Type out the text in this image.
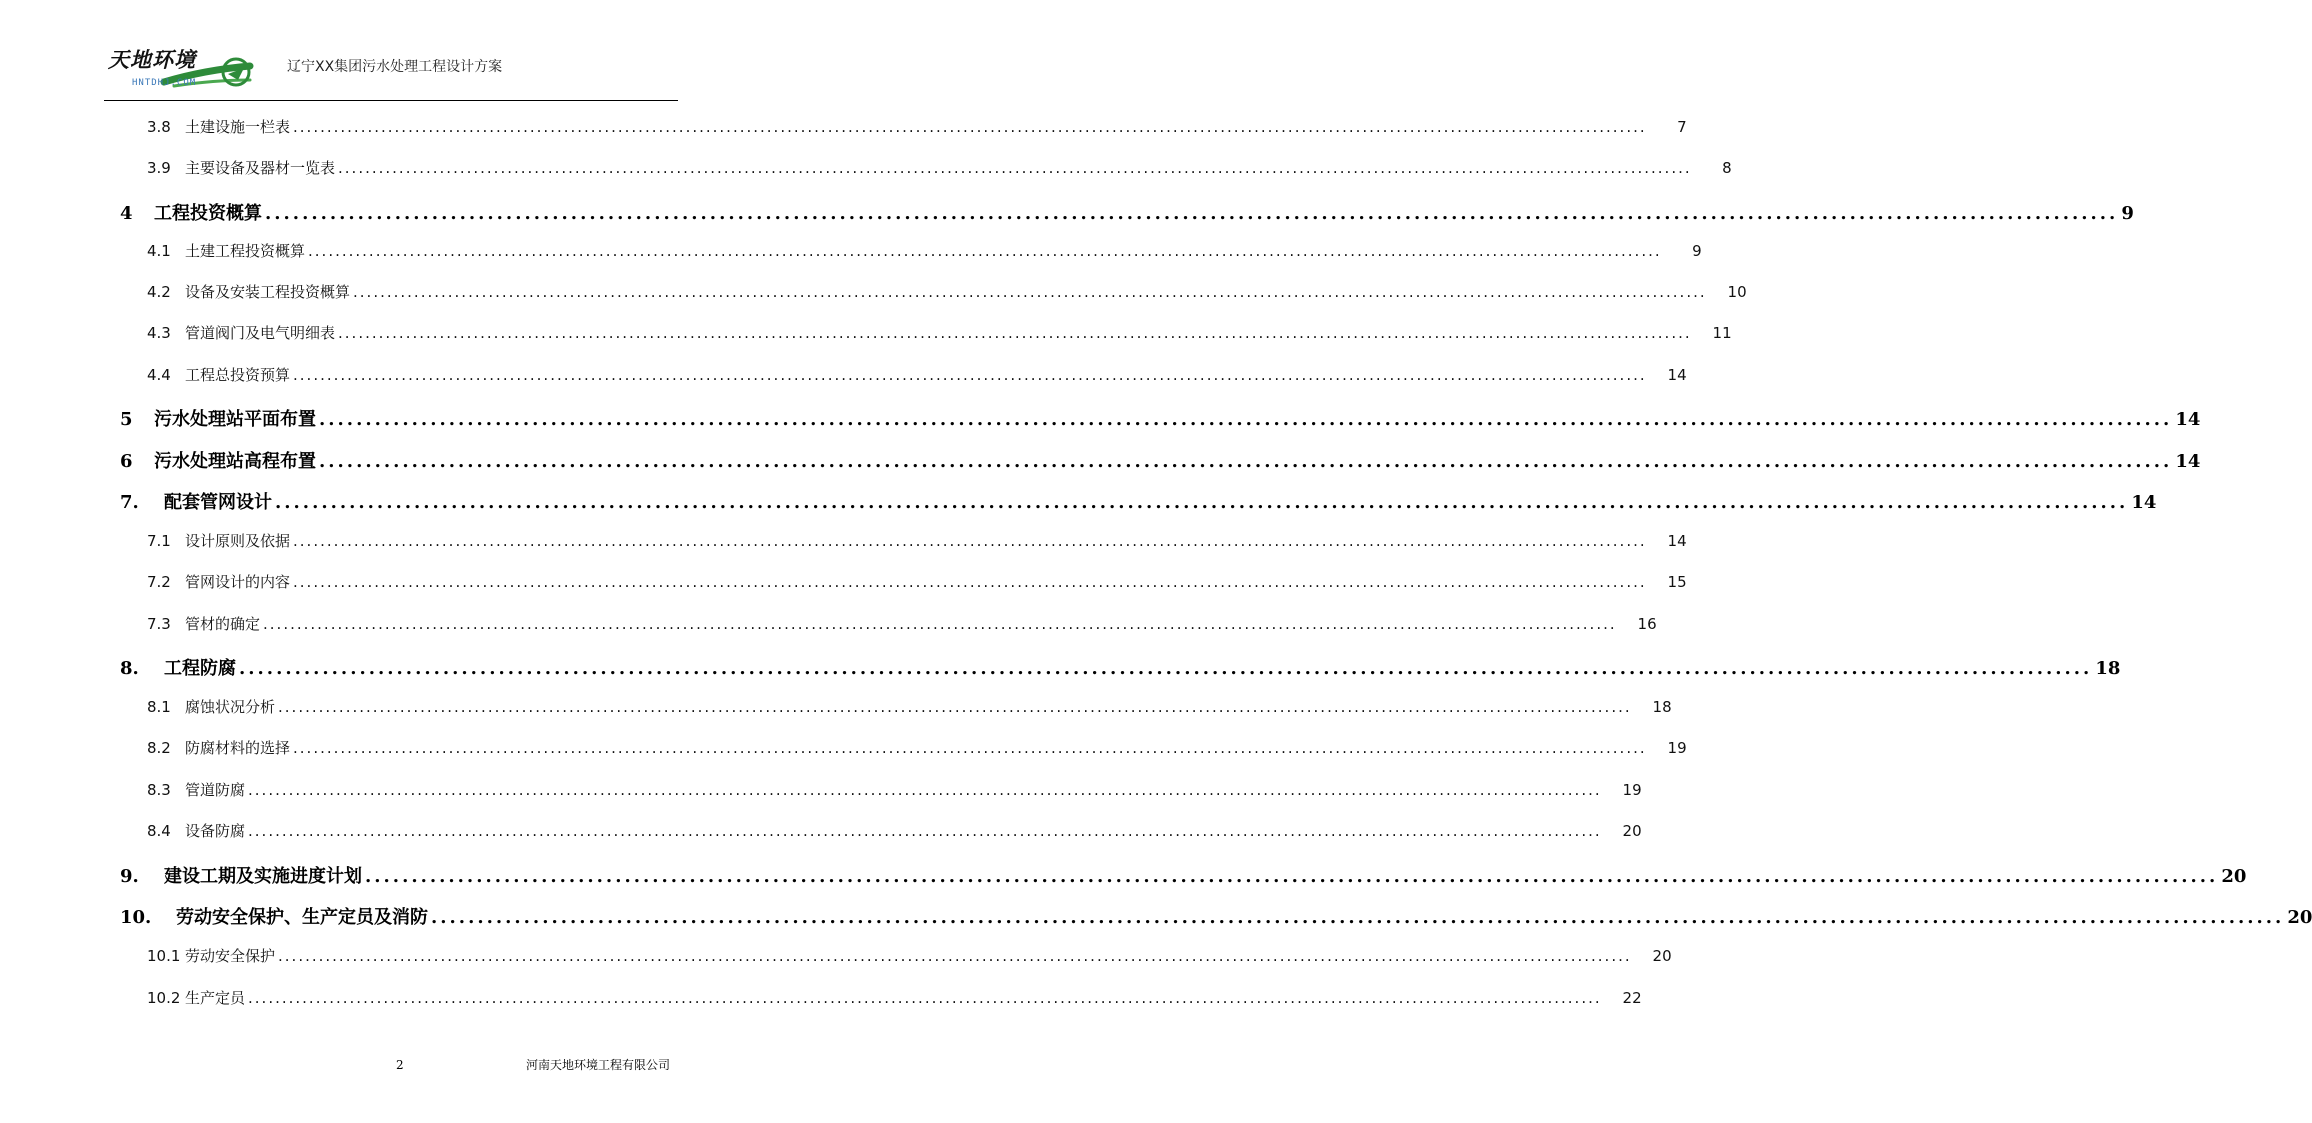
天地环境
HNTDHJ.COM
辽宁XX集团污水处理工程设计方案
3.8 土建设施一栏表 ........................................................................................................................................................................................................	7
3.9 主要设备及器材一览表 ........................................................................................................................................................................................................	8
4	工程投资概算 ........................................................................................................................................................................................................ 9
4.1 土建工程投资概算 ........................................................................................................................................................................................................	9
4.2 设备及安装工程投资概算 ........................................................................................................................................................................................................ 10
4.3 管道阀门及电气明细表 ........................................................................................................................................................................................................ 11
4.4 工程总投资预算 ........................................................................................................................................................................................................ 14
5	污水处理站平面布置 ........................................................................................................................................................................................................ 14
6	污水处理站高程布置 ........................................................................................................................................................................................................ 14
7.	配套管网设计 ........................................................................................................................................................................................................ 14
7.1 设计原则及依据 ........................................................................................................................................................................................................ 14
7.2 管网设计的内容 ........................................................................................................................................................................................................ 15
7.3 管材的确定 ........................................................................................................................................................................................................ 16
8.	工程防腐 ........................................................................................................................................................................................................ 18
8.1 腐蚀状况分析 ........................................................................................................................................................................................................ 18
8.2 防腐材料的选择 ........................................................................................................................................................................................................ 19
8.3 管道防腐 ........................................................................................................................................................................................................ 19
8.4 设备防腐 ........................................................................................................................................................................................................ 20
9.	建设工期及实施进度计划 ........................................................................................................................................................................................................ 20
10.	劳动安全保护、生产定员及消防 ........................................................................................................................................................................................................ 20
10.1 劳动安全保护 ........................................................................................................................................................................................................ 20
10.2 生产定员 ........................................................................................................................................................................................................ 22
2	河南天地环境工程有限公司
